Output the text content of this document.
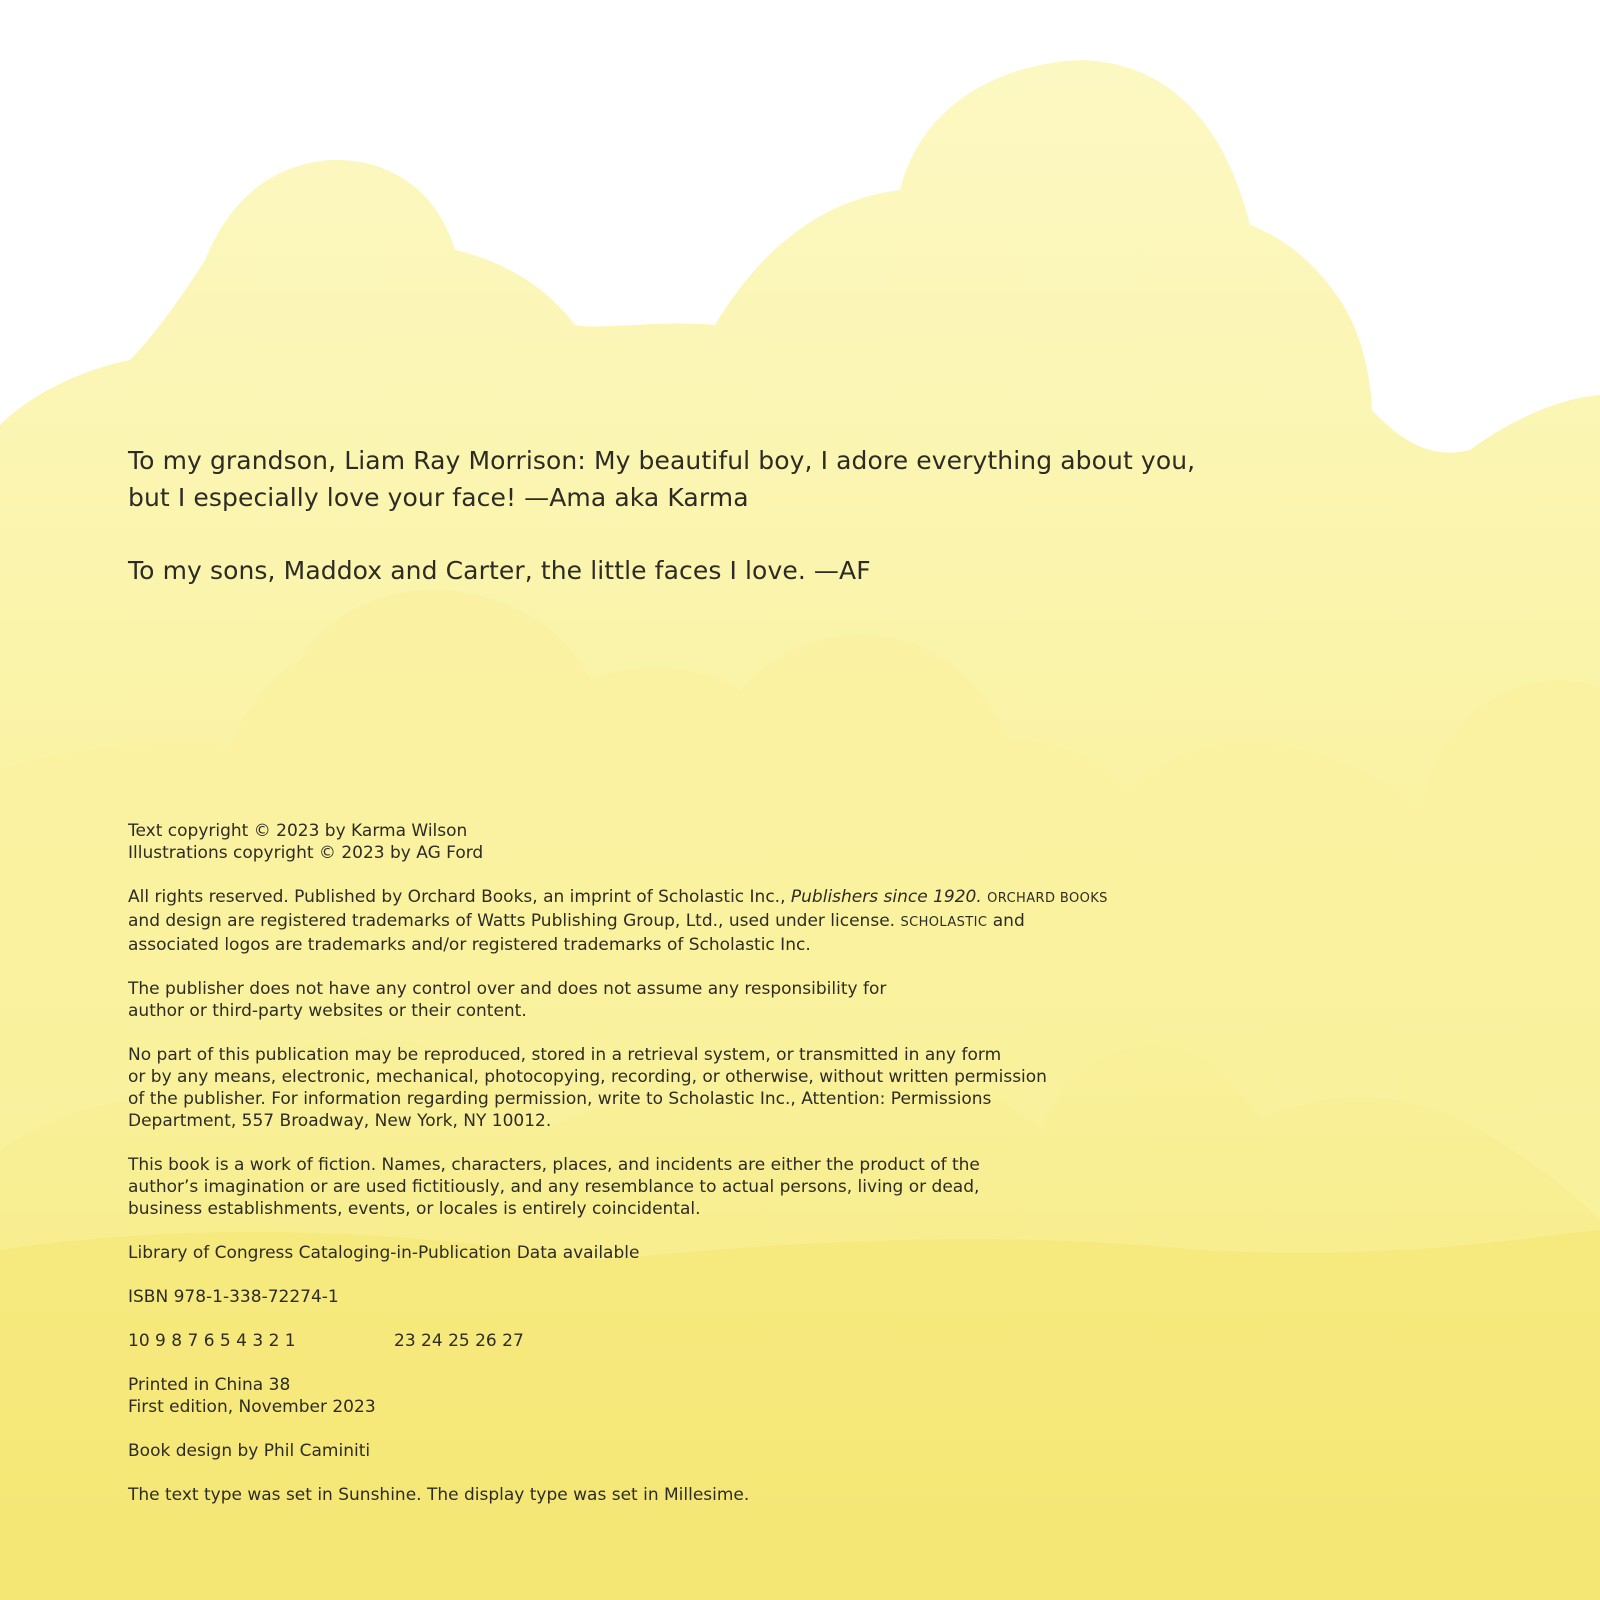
To my grandson, Liam Ray Morrison: My beautiful boy, I adore everything about you,

but I especially love your face! —Ama aka Karma

To my sons, Maddox and Carter, the little faces I love. —AF

Text copyright © 2023 by Karma Wilson
Illustrations copyright © 2023 by AG Ford
All rights reserved. Published by Orchard Books, an imprint of Scholastic Inc., Publishers since 1920. ORCHARD BOOKS
and design are registered trademarks of Watts Publishing Group, Ltd., used under license. SCHOLASTIC and
associated logos are trademarks and/or registered trademarks of Scholastic Inc.
The publisher does not have any control over and does not assume any responsibility for
author or third-party websites or their content.
No part of this publication may be reproduced, stored in a retrieval system, or transmitted in any form
or by any means, electronic, mechanical, photocopying, recording, or otherwise, without written permission
of the publisher. For information regarding permission, write to Scholastic Inc., Attention: Permissions
Department, 557 Broadway, New York, NY 10012.
This book is a work of fiction. Names, characters, places, and incidents are either the product of the
author’s imagination or are used fictitiously, and any resemblance to actual persons, living or dead,
business establishments, events, or locales is entirely coincidental.
Library of Congress Cataloging-in-Publication Data available
ISBN 978-1-338-72274-1
10 9 8 7 6 5 4 3 2 1	23 24 25 26 27
Printed in China 38
First edition, November 2023
Book design by Phil Caminiti
The text type was set in Sunshine. The display type was set in Millesime.
